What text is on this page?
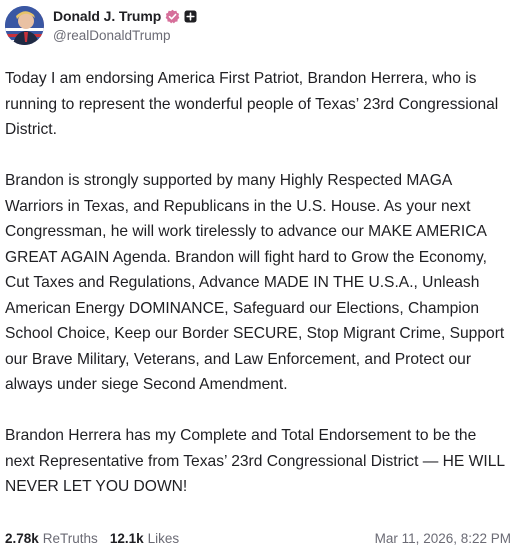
Donald J. Trump
@realDonaldTrump

Today I am endorsing America First Patriot, Brandon Herrera, who is running to represent the wonderful people of Texas’ 23rd Congressional District.

Brandon is strongly supported by many Highly Respected MAGA Warriors in Texas, and Republicans in the U.S. House. As your next Congressman, he will work tirelessly to advance our MAKE AMERICA GREAT AGAIN Agenda. Brandon will fight hard to Grow the Economy, Cut Taxes and Regulations, Advance MADE IN THE U.S.A., Unleash American Energy DOMINANCE, Safeguard our Elections, Champion School Choice, Keep our Border SECURE, Stop Migrant Crime, Support our Brave Military, Veterans, and Law Enforcement, and Protect our always under siege Second Amendment.

Brandon Herrera has my Complete and Total Endorsement to be the next Representative from Texas’ 23rd Congressional District — HE WILL NEVER LET YOU DOWN!

2.78k ReTruths 12.1k Likes	Mar 11, 2026, 8:22 PM
